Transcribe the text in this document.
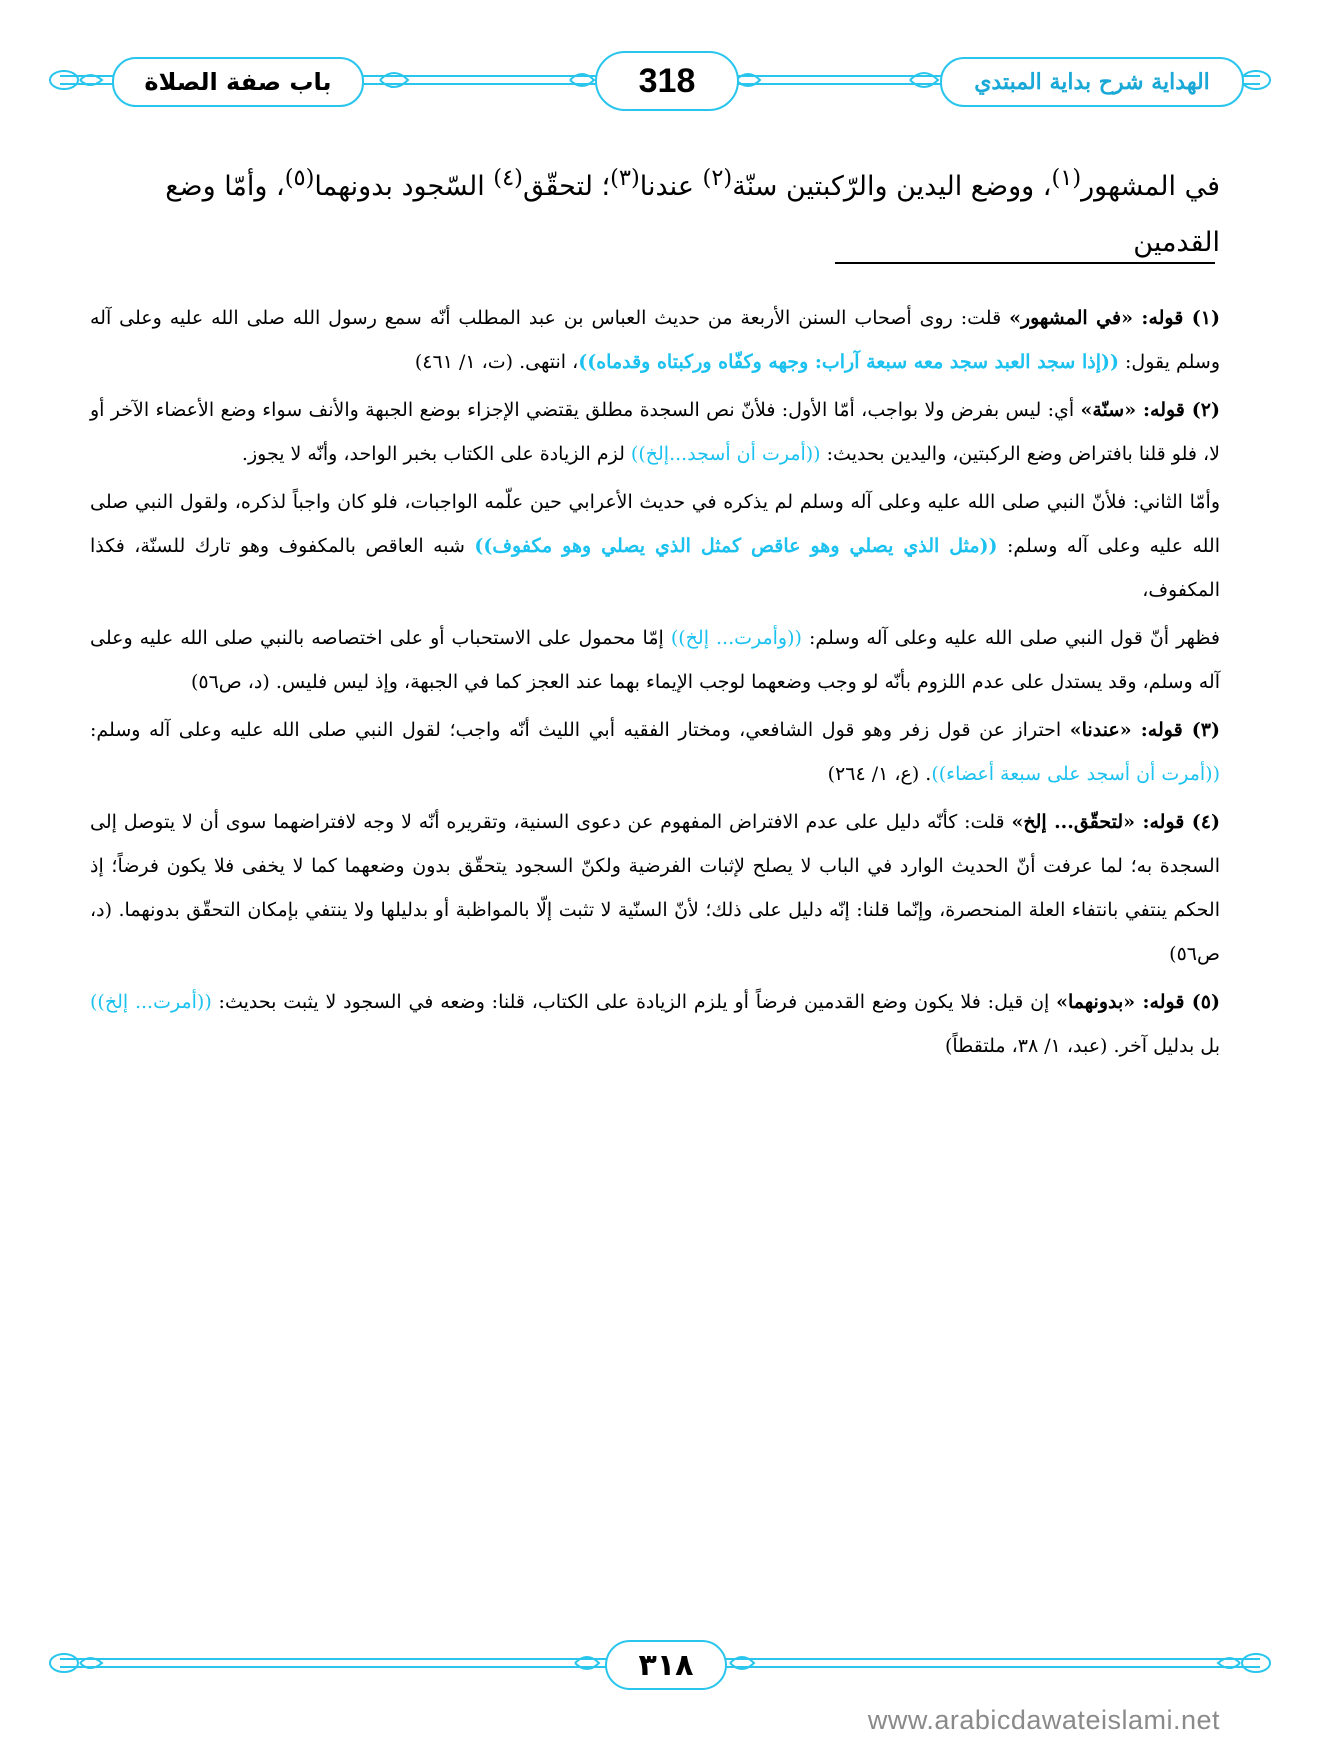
باب صفة الصلاة	318	الهداية شرح بداية المبتدي
في المشهور$^{(١)}$، ووضع اليدين والرّكبتين سنّة$^{(٢)}$ عندنا$^{(٣)}$؛ لتحقّق$^{(٤)}$ السّجود بدونهما$^{(٥)}$، وأمّا وضع القدمين

(١) قوله: «في المشهور» قلت: روى أصحاب السنن الأربعة من حديث العباس بن عبد المطلب أنّه سمع رسول الله صلى الله عليه وعلى آله وسلم يقول: ((إذا سجد العبد سجد معه سبعة آراب: وجهه وكفّاه وركبتاه وقدماه))، انتهى. (ت، ١/ ٤٦١)

(٢) قوله: «سنّة» أي: ليس بفرض ولا بواجب، أمّا الأول: فلأنّ نص السجدة مطلق يقتضي الإجزاء بوضع الجبهة والأنف سواء وضع الأعضاء الآخر أو لا، فلو قلنا بافتراض وضع الركبتين، واليدين بحديث: ((أمرت أن أسجد...إلخ)) لزم الزيادة على الكتاب بخبر الواحد، وأنّه لا يجوز.

وأمّا الثاني: فلأنّ النبي صلى الله عليه وعلى آله وسلم لم يذكره في حديث الأعرابي حين علّمه الواجبات، فلو كان واجباً لذكره، ولقول النبي صلى الله عليه وعلى آله وسلم: ((مثل الذي يصلي وهو عاقص كمثل الذي يصلي وهو مكفوف)) شبه العاقص بالمكفوف وهو تارك للسنّة، فكذا المكفوف،

فظهر أنّ قول النبي صلى الله عليه وعلى آله وسلم: ((وأمرت... إلخ)) إمّا محمول على الاستحباب أو على اختصاصه بالنبي صلى الله عليه وعلى آله وسلم، وقد يستدل على عدم اللزوم بأنّه لو وجب وضعهما لوجب الإيماء بهما عند العجز كما في الجبهة، وإذ ليس فليس. (د، ص٥٦)

(٣) قوله: «عندنا» احتراز عن قول زفر وهو قول الشافعي، ومختار الفقيه أبي الليث أنّه واجب؛ لقول النبي صلى الله عليه وعلى آله وسلم: ((أمرت أن أسجد على سبعة أعضاء)). (ع، ١/ ٢٦٤)

(٤) قوله: «لتحقّق... إلخ» قلت: كأنّه دليل على عدم الافتراض المفهوم عن دعوى السنية، وتقريره أنّه لا وجه لافتراضهما سوى أن لا يتوصل إلى السجدة به؛ لما عرفت أنّ الحديث الوارد في الباب لا يصلح لإثبات الفرضية ولكنّ السجود يتحقّق بدون وضعهما كما لا يخفى فلا يكون فرضاً؛ إذ الحكم ينتفي بانتفاء العلة المنحصرة، وإنّما قلنا: إنّه دليل على ذلك؛ لأنّ السنّية لا تثبت إلّا بالمواظبة أو بدليلها ولا ينتفي بإمكان التحقّق بدونهما. (د، ص٥٦)

(٥) قوله: «بدونهما» إن قيل: فلا يكون وضع القدمين فرضاً أو يلزم الزيادة على الكتاب، قلنا: وضعه في السجود لا يثبت بحديث: ((أمرت... إلخ)) بل بدليل آخر. (عبد، ١/ ٣٨، ملتقطاً)

٣١٨
www.arabicdawateislami.net
